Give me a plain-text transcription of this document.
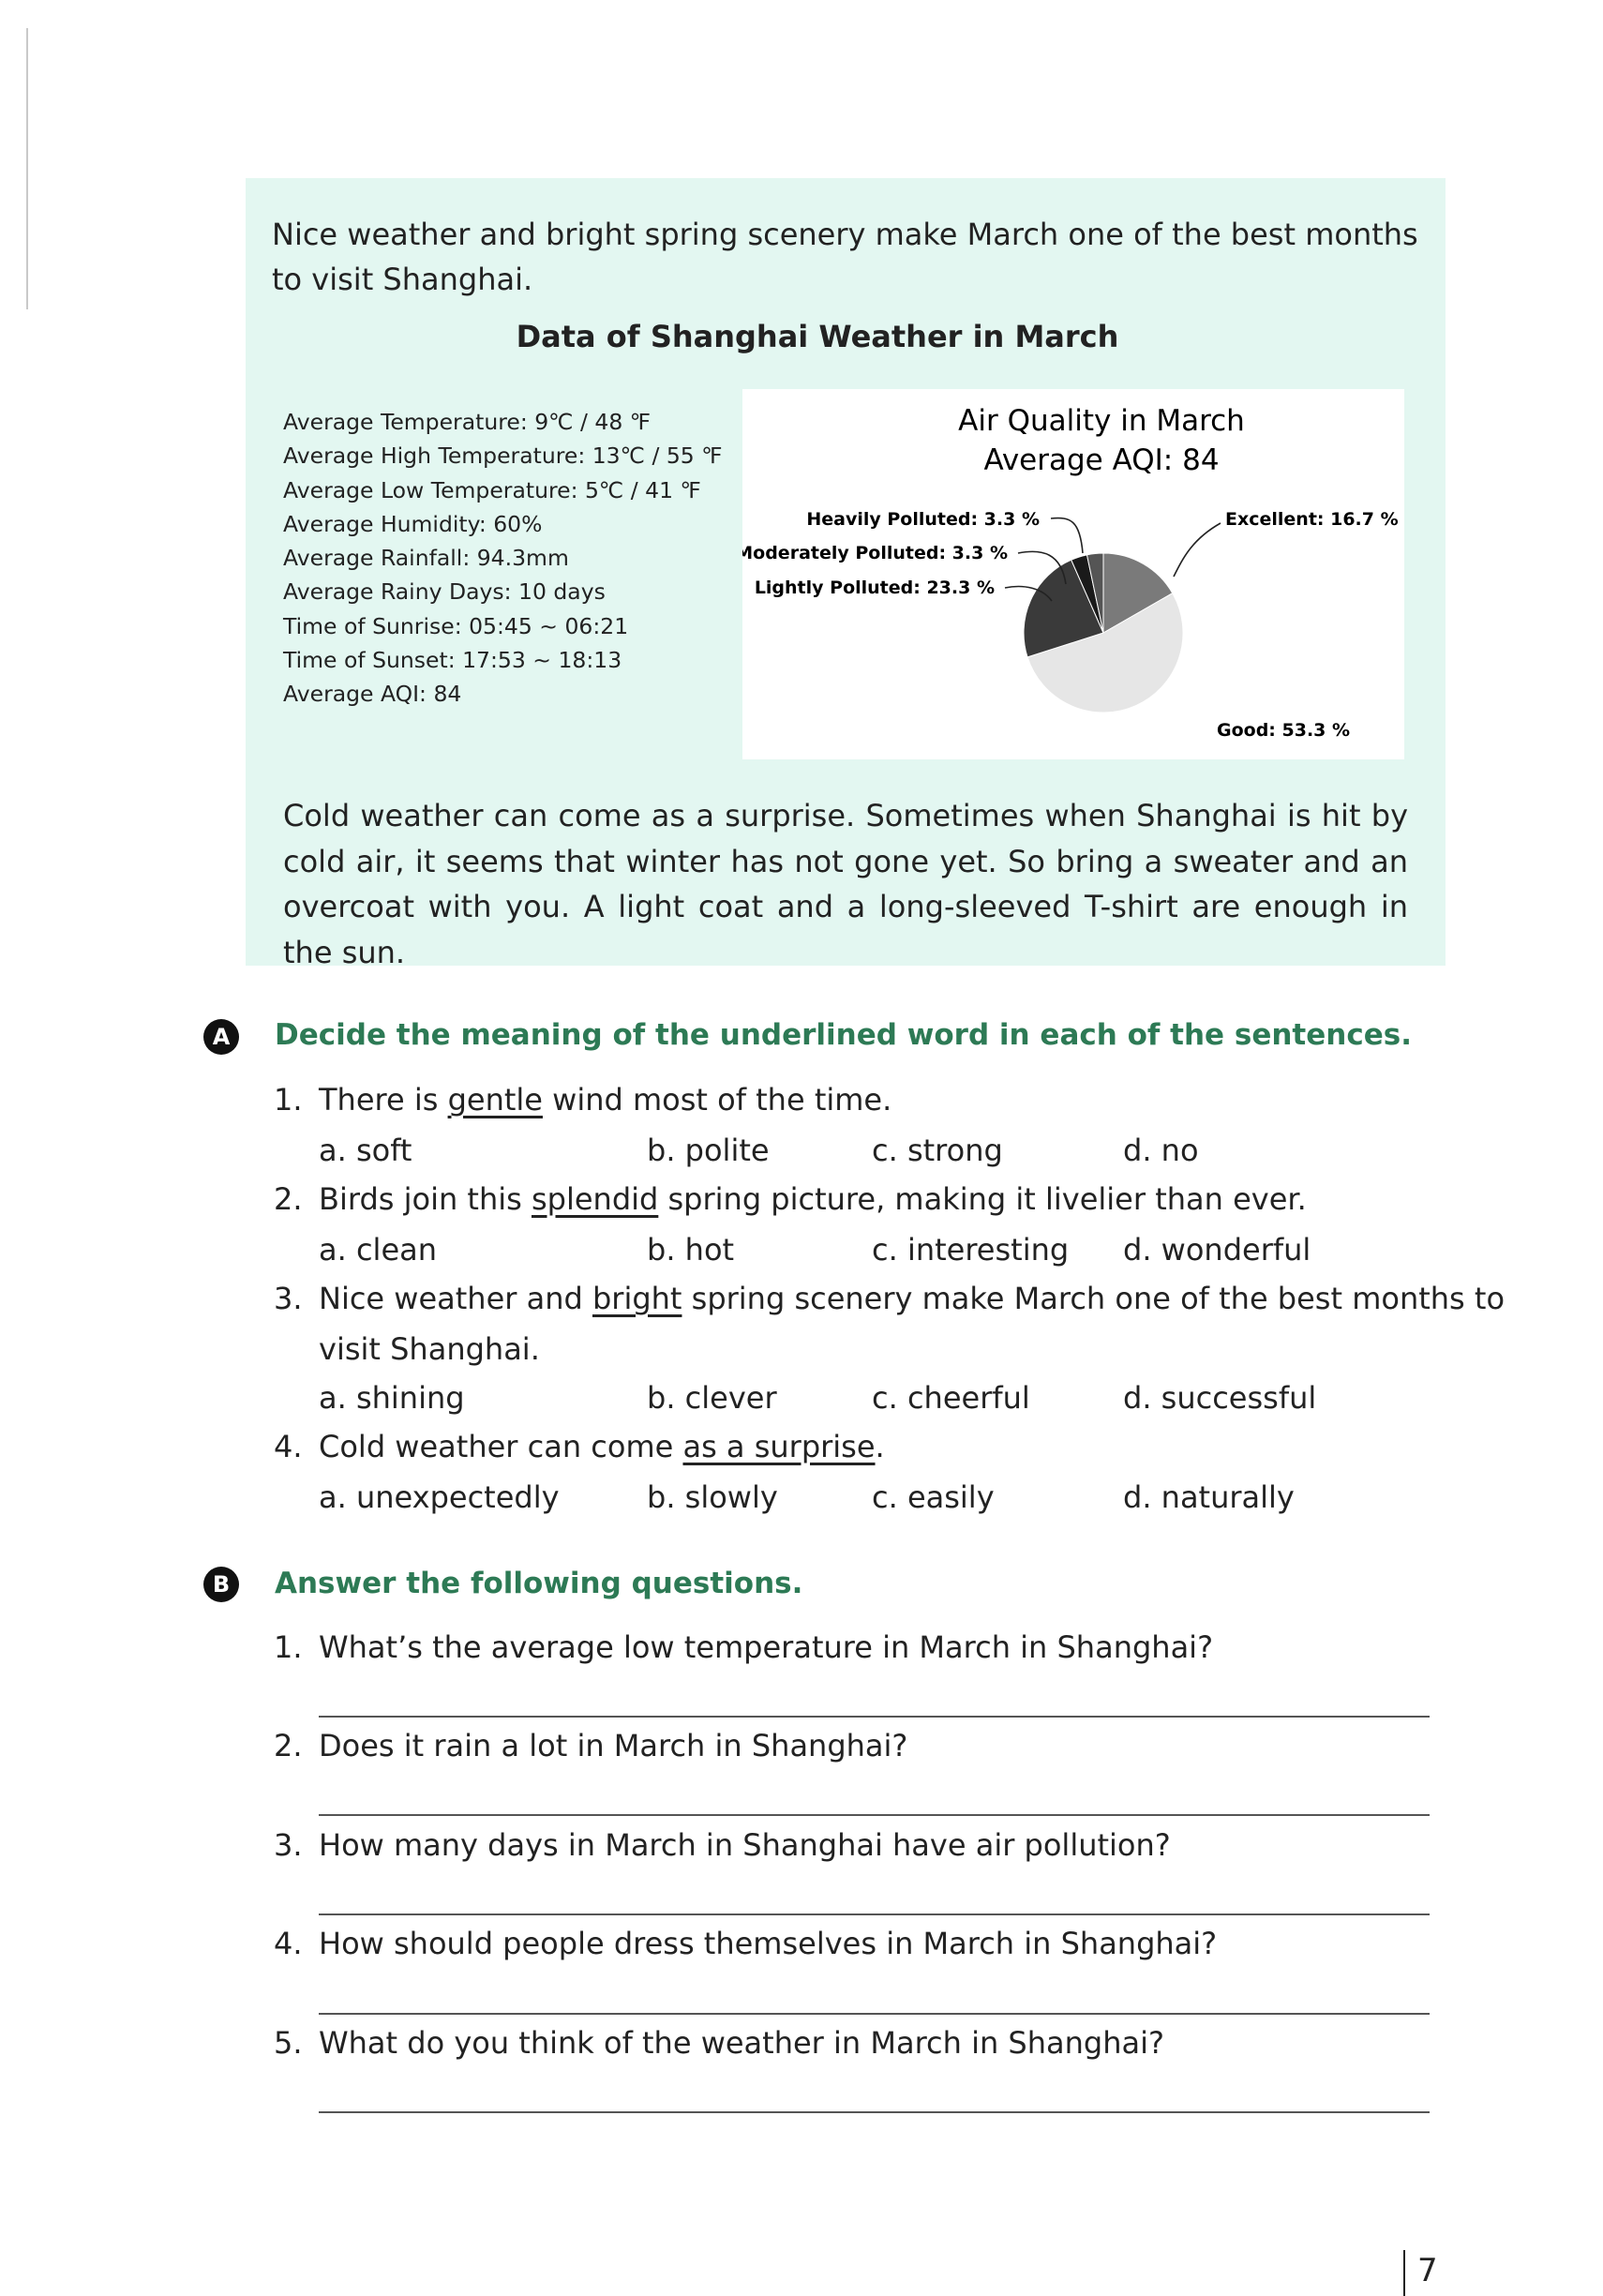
Nice weather and bright spring scenery make March one of the best months to visit Shanghai.
Data of Shanghai Weather in March
Average Temperature: 9℃ / 48 ℉
Average High Temperature: 13℃ / 55 ℉
Average Low Temperature: 5℃ / 41 ℉
Average Humidity: 60%
Average Rainfall: 94.3mm
Average Rainy Days: 10 days
Time of Sunrise: 05:45 ~ 06:21
Time of Sunset: 17:53 ~ 18:13
Average AQI: 84
Air Quality in March
Average AQI: 84
Heavily Polluted: 3.3 %
Moderately Polluted: 3.3 %
Lightly Polluted: 23.3 %
Excellent: 16.7 %
Good: 53.3 %
Cold weather can come as a surprise. Sometimes when Shanghai is hit by cold air, it seems that winter has not gone yet. So bring a sweater and an overcoat with you. A light coat and a long-sleeved T-shirt are enough in the sun.
A	Decide the meaning of the underlined word in each of the sentences.
1. There is gentle wind most of the time.
a. soft	b. polite	c. strong	d. no
2. Birds join this splendid spring picture, making it livelier than ever.
a. clean	b. hot	c. interesting d. wonderful
3. Nice weather and bright spring scenery make March one of the best months to
visit Shanghai.
a. shining	b. clever	c. cheerful	d. successful
4. Cold weather can come as a surprise.
a. unexpectedly	b. slowly	c. easily	d. naturally
B	Answer the following questions.
1. What’s the average low temperature in March in Shanghai?
2. Does it rain a lot in March in Shanghai?
3. How many days in March in Shanghai have air pollution?
4. How should people dress themselves in March in Shanghai?
5. What do you think of the weather in March in Shanghai?
7
